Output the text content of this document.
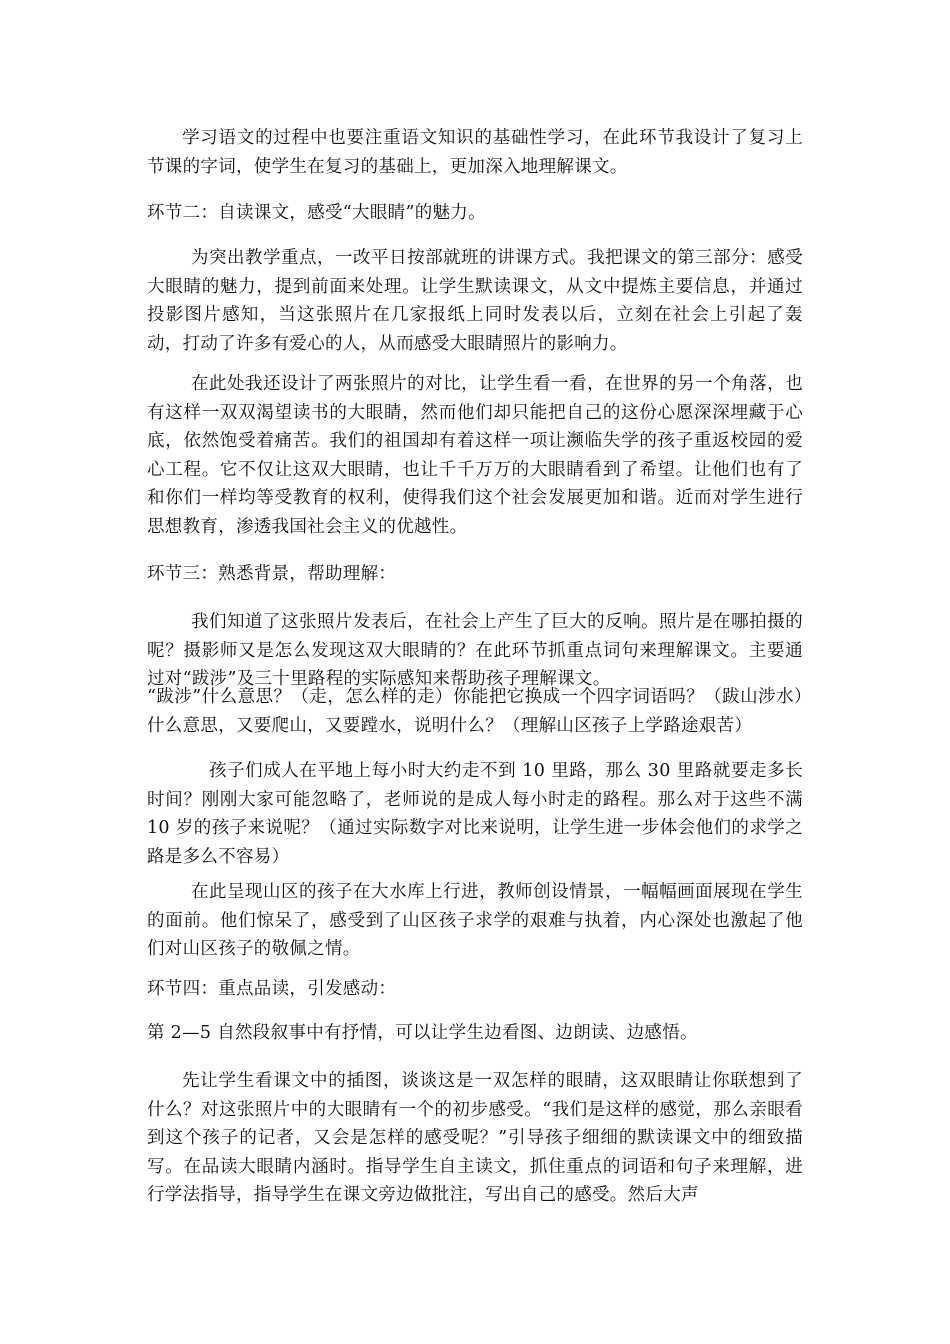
学习语文的过程中也要注重语文知识的基础性学习，在此环节我设计了复习上节课的字词，使学生在复习的基础上，更加深入地理解课文。

环节二：自读课文，感受“大眼睛”的魅力。

为突出教学重点，一改平日按部就班的讲课方式。我把课文的第三部分：感受大眼睛的魅力，提到前面来处理。让学生默读课文，从文中提炼主要信息，并通过投影图片感知，当这张照片在几家报纸上同时发表以后，立刻在社会上引起了轰动，打动了许多有爱心的人，从而感受大眼睛照片的影响力。

在此处我还设计了两张照片的对比，让学生看一看，在世界的另一个角落，也有这样一双双渴望读书的大眼睛，然而他们却只能把自己的这份心愿深深埋藏于心底，依然饱受着痛苦。我们的祖国却有着这样一项让濒临失学的孩子重返校园的爱心工程。它不仅让这双大眼睛，也让千千万万的大眼睛看到了希望。让他们也有了和你们一样均等受教育的权利，使得我们这个社会发展更加和谐。近而对学生进行思想教育，渗透我国社会主义的优越性。

环节三：熟悉背景，帮助理解：

我们知道了这张照片发表后，在社会上产生了巨大的反响。照片是在哪拍摄的呢？摄影师又是怎么发现这双大眼睛的？在此环节抓重点词句来理解课文。主要通过对“跋涉”及三十里路程的实际感知来帮助孩子理解课文。

“跋涉”什么意思？（走，怎么样的走）你能把它换成一个四字词语吗？（跋山涉水）什么意思，又要爬山，又要蹚水，说明什么？（理解山区孩子上学路途艰苦）

孩子们成人在平地上每小时大约走不到 10 里路，那么 30 里路就要走多长时间？刚刚大家可能忽略了，老师说的是成人每小时走的路程。那么对于这些不满 10 岁的孩子来说呢？（通过实际数字对比来说明，让学生进一步体会他们的求学之路是多么不容易）

在此呈现山区的孩子在大水库上行进，教师创设情景，一幅幅画面展现在学生的面前。他们惊呆了，感受到了山区孩子求学的艰难与执着，内心深处也激起了他们对山区孩子的敬佩之情。

环节四：重点品读，引发感动：

第 2—5 自然段叙事中有抒情，可以让学生边看图、边朗读、边感悟。

先让学生看课文中的插图，谈谈这是一双怎样的眼睛，这双眼睛让你联想到了什么？对这张照片中的大眼睛有一个的初步感受。“我们是这样的感觉，那么亲眼看到这个孩子的记者，又会是怎样的感受呢？”引导孩子细细的默读课文中的细致描写。在品读大眼睛内涵时。指导学生自主读文，抓住重点的词语和句子来理解，进行学法指导，指导学生在课文旁边做批注，写出自己的感受。然后大声
